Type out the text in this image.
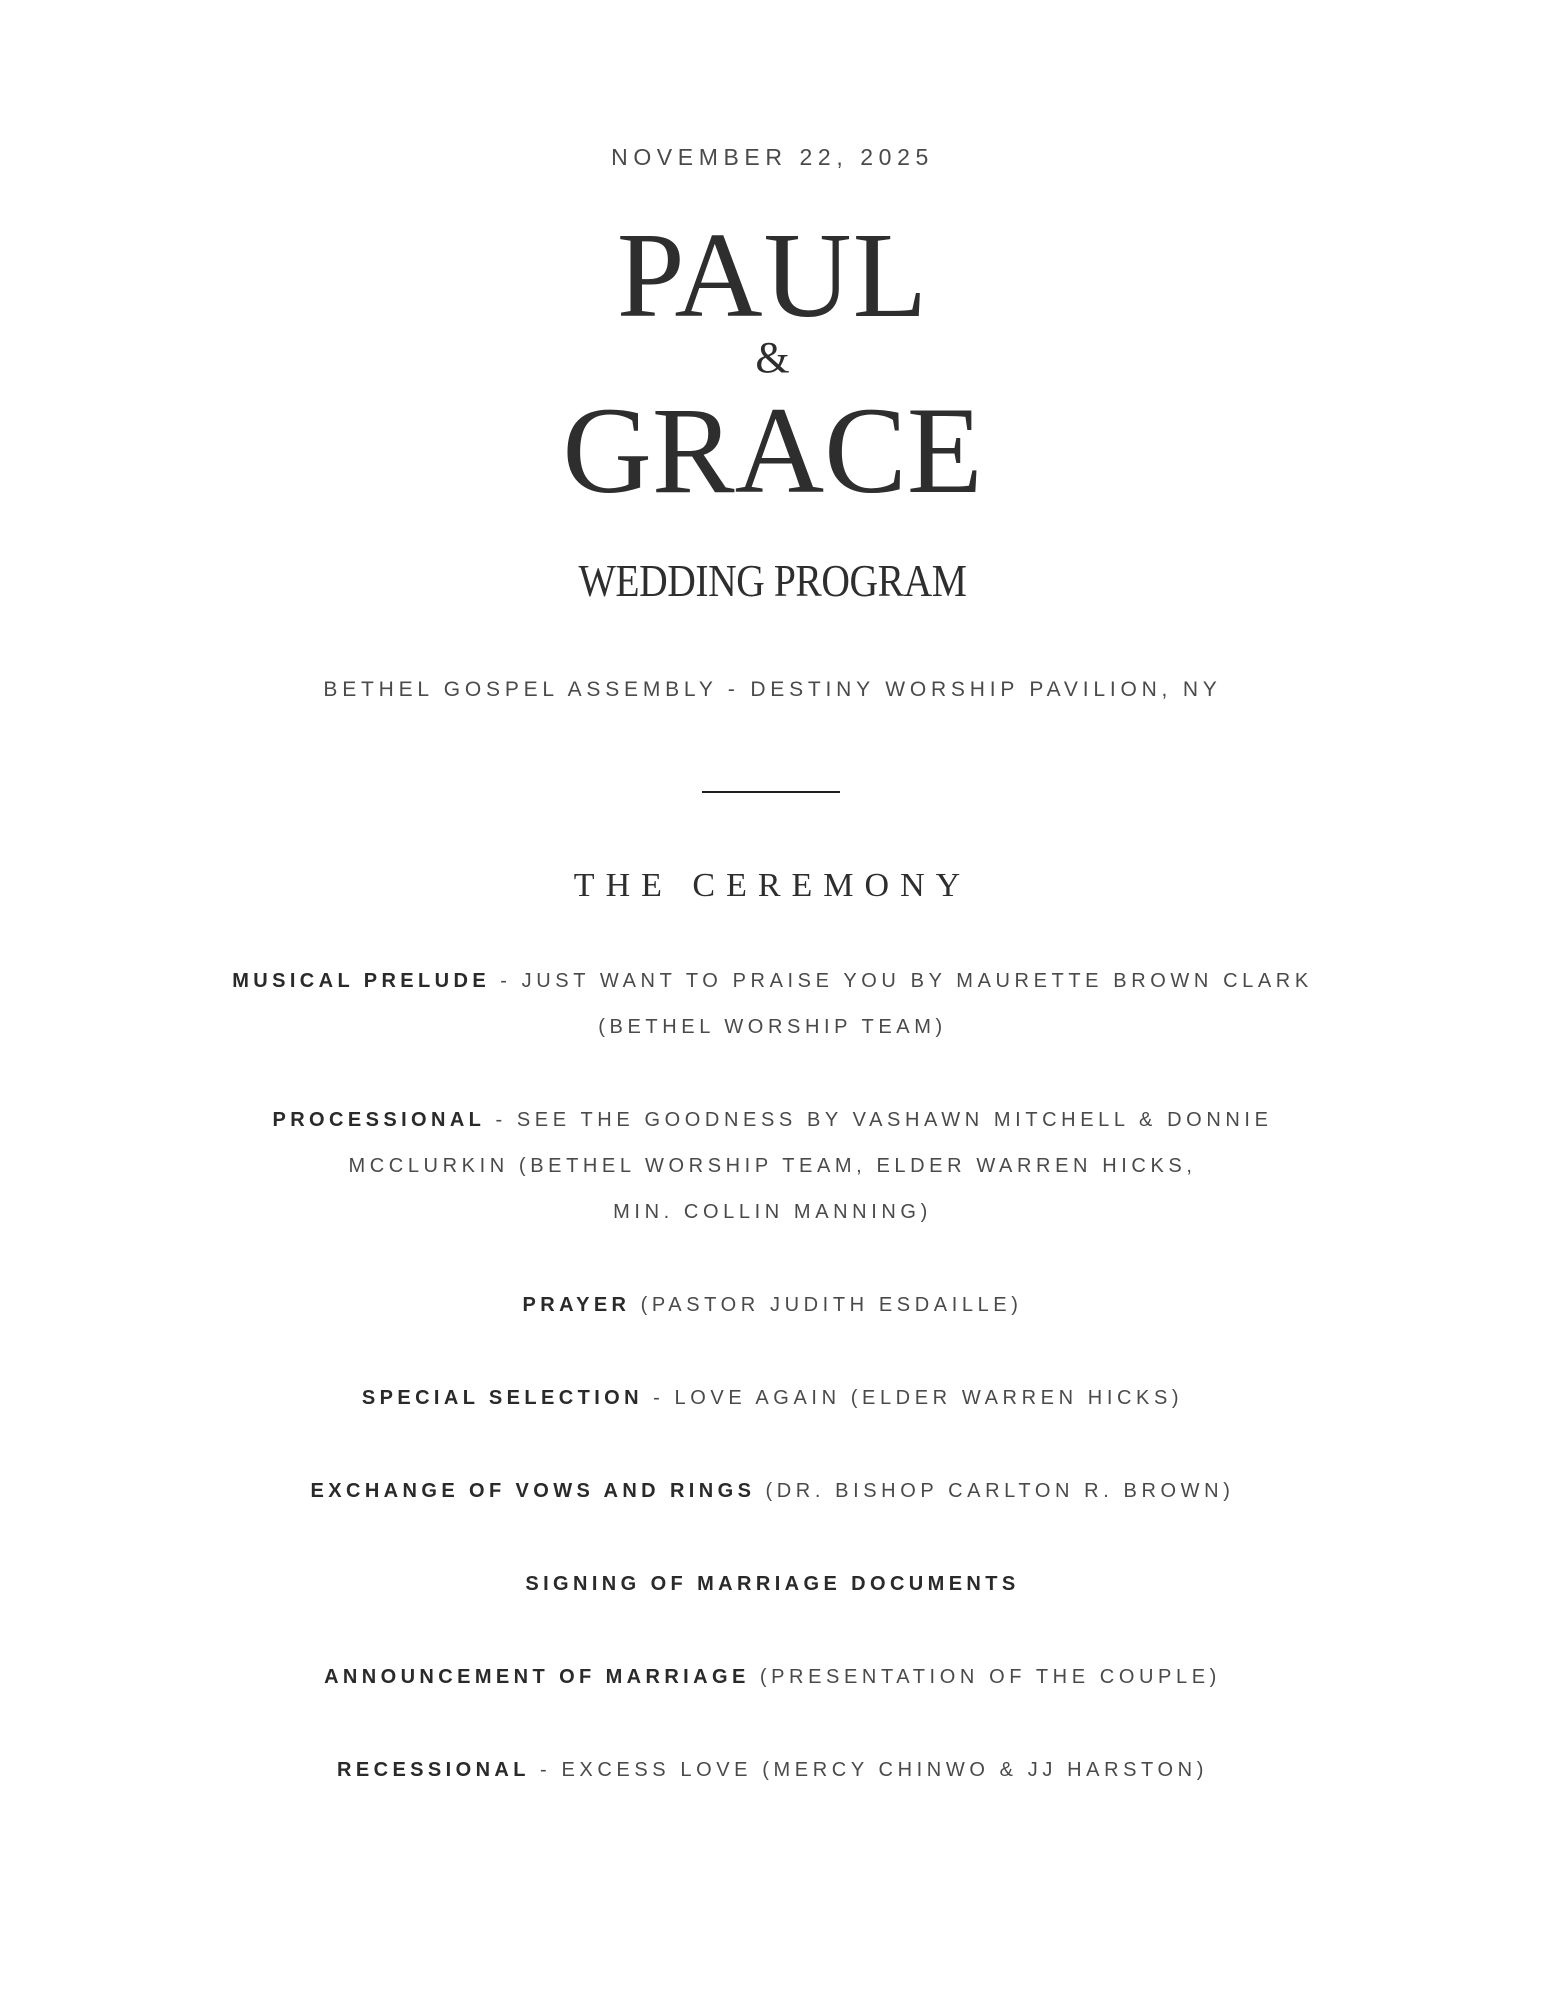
NOVEMBER 22, 2025
PAUL
&
GRACE
WEDDING PROGRAM
BETHEL GOSPEL ASSEMBLY - DESTINY WORSHIP PAVILION, NY
THE CEREMONY
MUSICAL PRELUDE - JUST WANT TO PRAISE YOU BY MAURETTE BROWN CLARK
(BETHEL WORSHIP TEAM)
PROCESSIONAL - SEE THE GOODNESS BY VASHAWN MITCHELL & DONNIE
MCCLURKIN (BETHEL WORSHIP TEAM, ELDER WARREN HICKS,
MIN. COLLIN MANNING)
PRAYER (PASTOR JUDITH ESDAILLE)
SPECIAL SELECTION - LOVE AGAIN (ELDER WARREN HICKS)
EXCHANGE OF VOWS AND RINGS (DR. BISHOP CARLTON R. BROWN)
SIGNING OF MARRIAGE DOCUMENTS
ANNOUNCEMENT OF MARRIAGE (PRESENTATION OF THE COUPLE)
RECESSIONAL - EXCESS LOVE (MERCY CHINWO & JJ HARSTON)
